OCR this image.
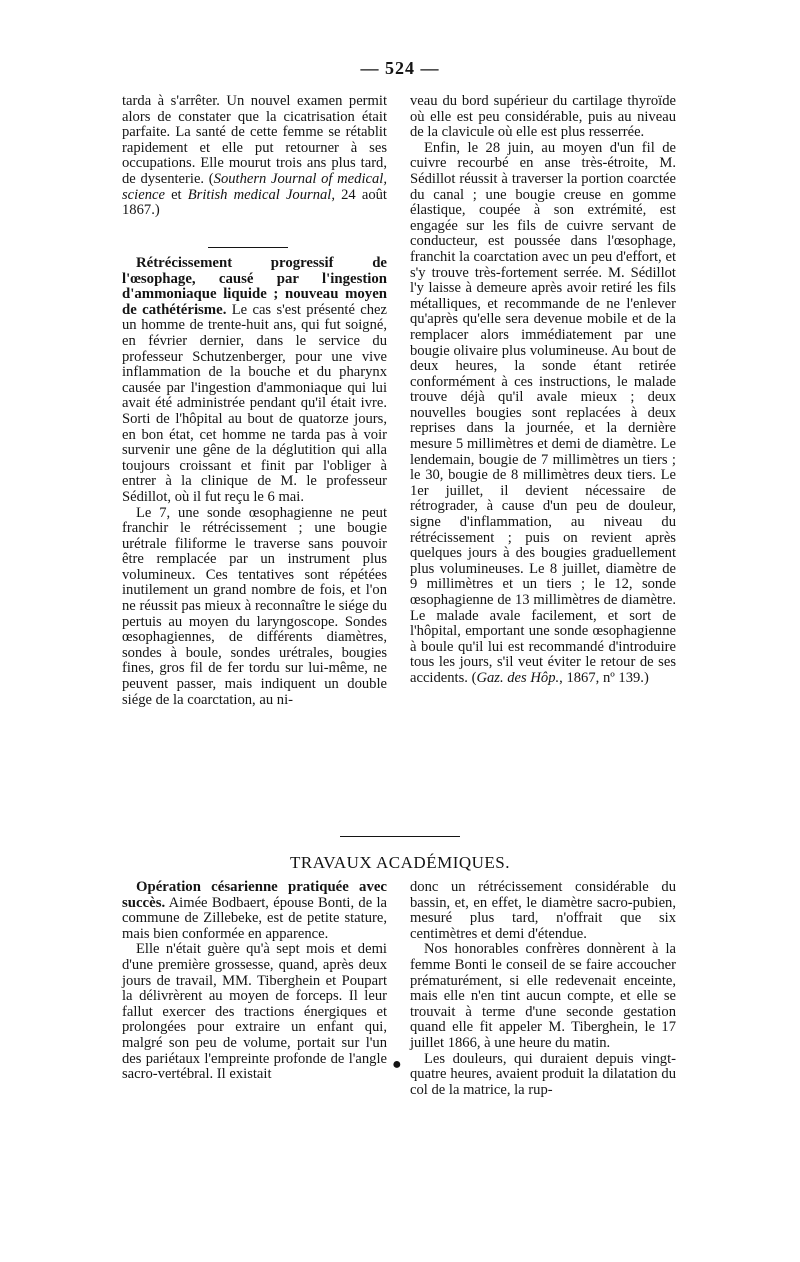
— 524 —

tarda à s'arrêter. Un nouvel examen permit alors de constater que la cicatrisation était parfaite. La santé de cette femme se rétablit rapidement et elle put retourner à ses occupations. Elle mourut trois ans plus tard, de dysenterie. (Southern Journal of medical, science et British medical Journal, 24 août 1867.)

Rétrécissement progressif de l'œsophage, causé par l'ingestion d'ammoniaque liquide ; nouveau moyen de cathétérisme. Le cas s'est présenté chez un homme de trente-huit ans, qui fut soigné, en février dernier, dans le service du professeur Schutzenberger, pour une vive inflammation de la bouche et du pharynx causée par l'ingestion d'ammoniaque qui lui avait été administrée pendant qu'il était ivre. Sorti de l'hôpital au bout de quatorze jours, en bon état, cet homme ne tarda pas à voir survenir une gêne de la déglutition qui alla toujours croissant et finit par l'obliger à entrer à la clinique de M. le professeur Sédillot, où il fut reçu le 6 mai.

Le 7, une sonde œsophagienne ne peut franchir le rétrécissement ; une bougie urétrale filiforme le traverse sans pouvoir être remplacée par un instrument plus volumineux. Ces tentatives sont répétées inutilement un grand nombre de fois, et l'on ne réussit pas mieux à reconnaître le siége du pertuis au moyen du laryngoscope. Sondes œsophagiennes, de différents diamètres, sondes à boule, sondes urétrales, bougies fines, gros fil de fer tordu sur lui-même, ne peuvent passer, mais indiquent un double siége de la coarctation, au ni-

veau du bord supérieur du cartilage thyroïde où elle est peu considérable, puis au niveau de la clavicule où elle est plus resserrée.

Enfin, le 28 juin, au moyen d'un fil de cuivre recourbé en anse très-étroite, M. Sédillot réussit à traverser la portion coarctée du canal ; une bougie creuse en gomme élastique, coupée à son extrémité, est engagée sur les fils de cuivre servant de conducteur, est poussée dans l'œsophage, franchit la coarctation avec un peu d'effort, et s'y trouve très-fortement serrée. M. Sédillot l'y laisse à demeure après avoir retiré les fils métalliques, et recommande de ne l'enlever qu'après qu'elle sera devenue mobile et de la remplacer alors immédiatement par une bougie olivaire plus volumineuse. Au bout de deux heures, la sonde étant retirée conformément à ces instructions, le malade trouve déjà qu'il avale mieux ; deux nouvelles bougies sont replacées à deux reprises dans la journée, et la dernière mesure 5 millimètres et demi de diamètre. Le lendemain, bougie de 7 millimètres un tiers ; le 30, bougie de 8 millimètres deux tiers. Le 1er juillet, il devient nécessaire de rétrograder, à cause d'un peu de douleur, signe d'inflammation, au niveau du rétrécissement ; puis on revient après quelques jours à des bougies graduellement plus volumineuses. Le 8 juillet, diamètre de 9 millimètres et un tiers ; le 12, sonde œsophagienne de 13 millimètres de diamètre. Le malade avale facilement, et sort de l'hôpital, emportant une sonde œsophagienne à boule qu'il lui est recommandé d'introduire tous les jours, s'il veut éviter le retour de ses accidents. (Gaz. des Hôp., 1867, nº 139.)

TRAVAUX ACADÉMIQUES.

Opération césarienne pratiquée avec succès. Aimée Bodbaert, épouse Bonti, de la commune de Zillebeke, est de petite stature, mais bien conformée en apparence.

Elle n'était guère qu'à sept mois et demi d'une première grossesse, quand, après deux jours de travail, MM. Tiberghein et Poupart la délivrèrent au moyen de forceps. Il leur fallut exercer des tractions énergiques et prolongées pour extraire un enfant qui, malgré son peu de volume, portait sur l'un des pariétaux l'empreinte profonde de l'angle sacro-vertébral. Il existait

donc un rétrécissement considérable du bassin, et, en effet, le diamètre sacro-pubien, mesuré plus tard, n'offrait que six centimètres et demi d'étendue.

Nos honorables confrères donnèrent à la femme Bonti le conseil de se faire accoucher prématurément, si elle redevenait enceinte, mais elle n'en tint aucun compte, et elle se trouvait à terme d'une seconde gestation quand elle fit appeler M. Tiberghein, le 17 juillet 1866, à une heure du matin.

Les douleurs, qui duraient depuis vingt-quatre heures, avaient produit la dilatation du col de la matrice, la rup-

●
